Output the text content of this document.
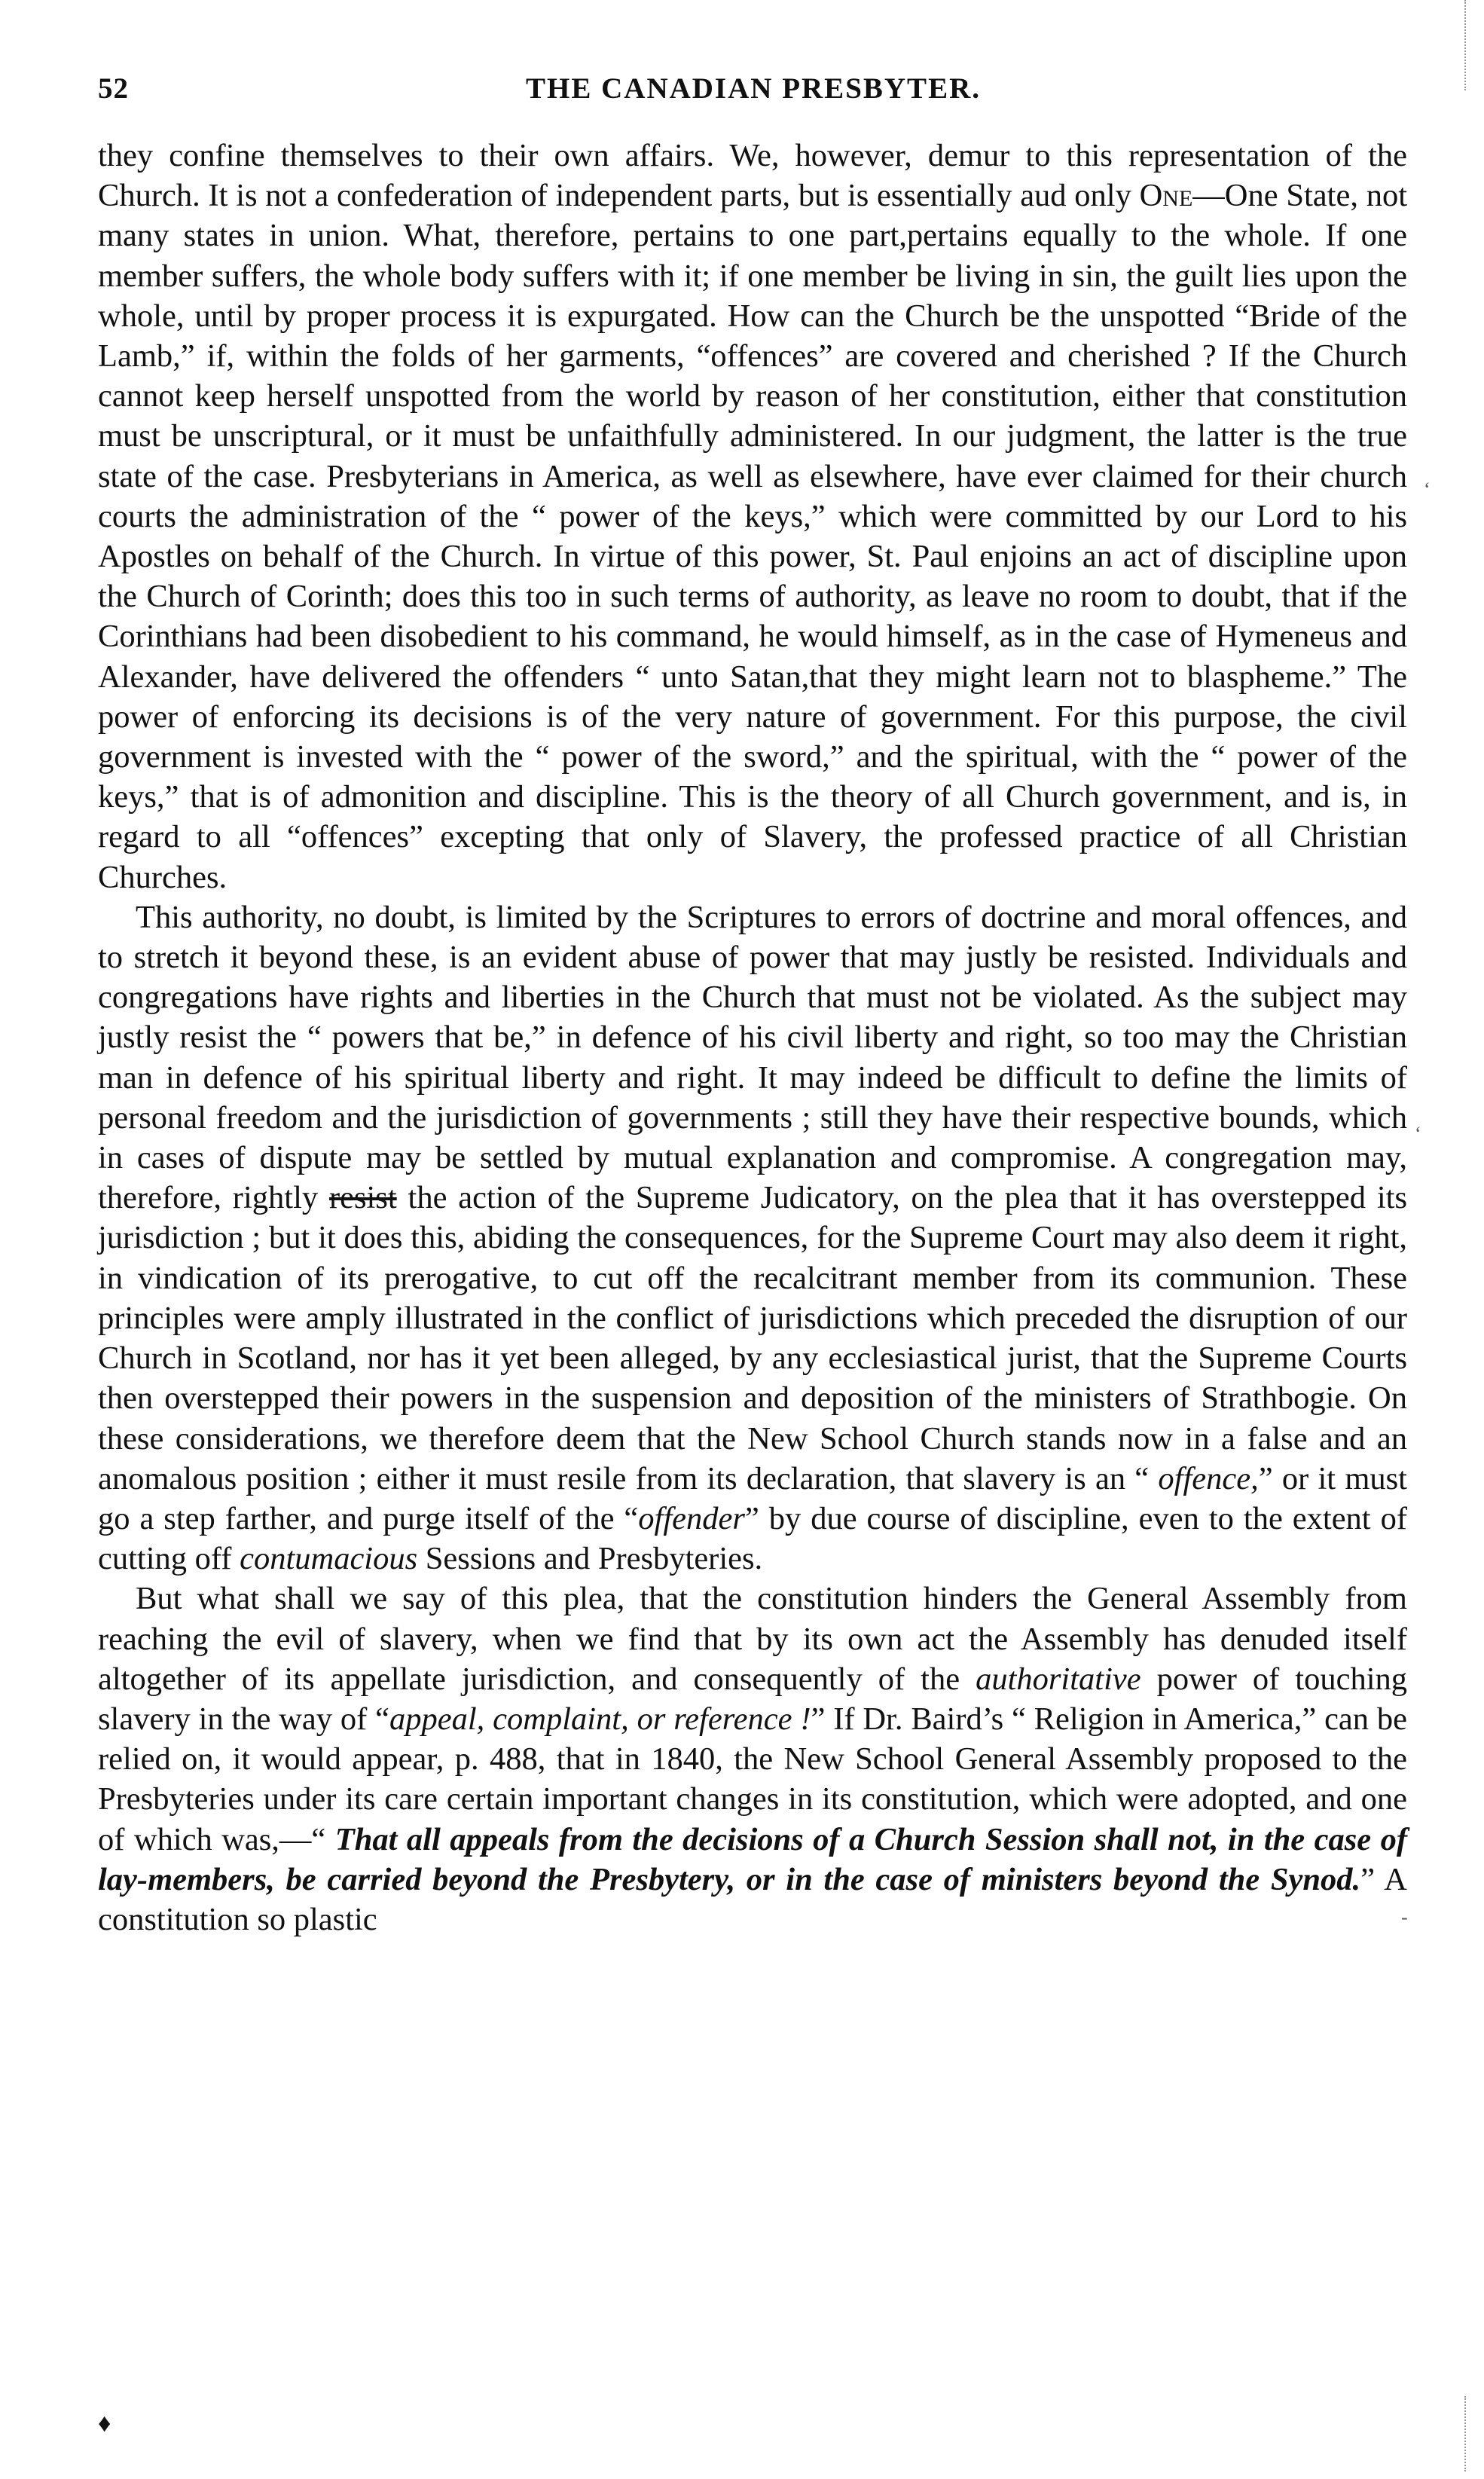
52	THE CANADIAN PRESBYTER.

they confine themselves to their own affairs. We, however, demur to this representation of the Church. It is not a confederation of independent parts, but is essentially aud only One—One State, not many states in union. What, therefore, pertains to one part,pertains equally to the whole. If one member suffers, the whole body suffers with it; if one member be living in sin, the guilt lies upon the whole, until by proper process it is expurgated. How can the Church be the unspotted “Bride of the Lamb,” if, within the folds of her garments, “offences” are covered and cherished ? If the Church cannot keep herself unspotted from the world by reason of her constitution, either that constitution must be unscriptural, or it must be unfaithfully administered. In our judgment, the latter is the true state of the case. Presbyterians in America, as well as elsewhere, have ever claimed for their church courts the administration of the “ power of the keys,” which were committed by our Lord to his Apostles on behalf of the Church. In virtue of this power, St. Paul enjoins an act of discipline upon the Church of Corinth; does this too in such terms of authority, as leave no room to doubt, that if the Corinthians had been disobedient to his command, he would himself, as in the case of Hymeneus and Alexander, have delivered the offenders “ unto Satan,that they might learn not to blaspheme.” The power of enforcing its decisions is of the very nature of government. For this purpose, the civil government is invested with the “ power of the sword,” and the spiritual, with the “ power of the keys,” that is of admonition and discipline. This is the theory of all Church government, and is, in regard to all “offences” excepting that only of Slavery, the professed practice of all Christian Churches.

This authority, no doubt, is limited by the Scriptures to errors of doctrine and moral offences, and to stretch it beyond these, is an evident abuse of power that may justly be resisted. Individuals and congregations have rights and liberties in the Church that must not be violated. As the subject may justly resist the “ powers that be,” in defence of his civil liberty and right, so too may the Christian man in defence of his spiritual liberty and right. It may indeed be difficult to define the limits of personal freedom and the jurisdiction of governments ; still they have their respective bounds, which in cases of dispute may be settled by mutual explanation and compromise. A congregation may, therefore, rightly resist the action of the Supreme Judicatory, on the plea that it has overstepped its jurisdiction ; but it does this, abiding the consequences, for the Supreme Court may also deem it right, in vindication of its prerogative, to cut off the recalcitrant member from its communion. These principles were amply illustrated in the conflict of jurisdictions which preceded the disruption of our Church in Scotland, nor has it yet been alleged, by any ecclesiastical jurist, that the Supreme Courts then overstepped their powers in the suspension and deposition of the ministers of Strathbogie. On these considerations, we therefore deem that the New School Church stands now in a false and an anomalous position ; either it must resile from its declaration, that slavery is an “ offence,” or it must go a step farther, and purge itself of the “offender” by due course of discipline, even to the extent of cutting off contumacious Sessions and Presbyteries.

But what shall we say of this plea, that the constitution hinders the General Assembly from reaching the evil of slavery, when we find that by its own act the Assembly has denuded itself altogether of its appellate jurisdiction, and consequently of the authoritative power of touching slavery in the way of “appeal, complaint, or reference !” If Dr. Baird’s “ Religion in America,” can be relied on, it would appear, p. 488, that in 1840, the New School General Assembly proposed to the Presbyteries under its care certain important changes in its constitution, which were adopted, and one of which was,—“ That all appeals from the decisions of a Church Session shall not, in the case of lay-members, be carried beyond the Presbytery, or in the case of ministers beyond the Synod.” A constitution so plastic

♦
‘
‘
-
